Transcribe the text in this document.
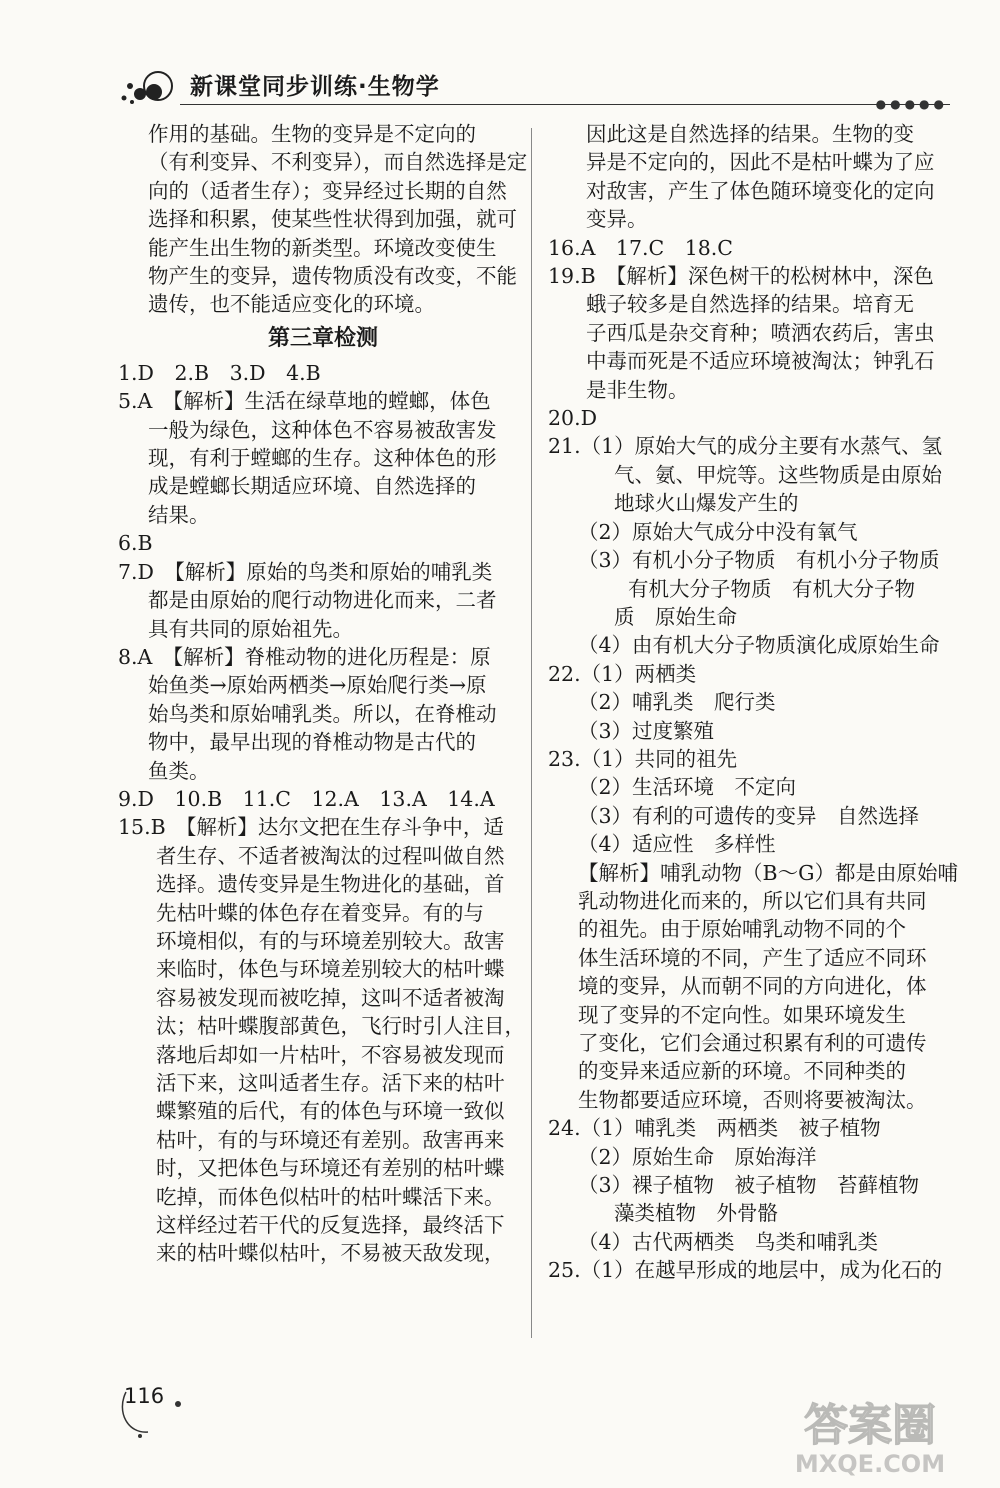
新课堂同步训练·生物学
●●●●●
作用的基础。生物的变异是不定向的
（有利变异、不利变异），而自然选择是定
向的（适者生存）；变异经过长期的自然
选择和积累，使某些性状得到加强，就可
能产生出生物的新类型。环境改变使生
物产生的变异，遗传物质没有改变，不能
遗传，也不能适应变化的环境。
第三章检测
1.D　2.B　3.D　4.B
5.A　【解析】生活在绿草地的螳螂，体色
一般为绿色，这种体色不容易被敌害发
现，有利于螳螂的生存。这种体色的形
成是螳螂长期适应环境、自然选择的
结果。
6.B
7.D　【解析】原始的鸟类和原始的哺乳类
都是由原始的爬行动物进化而来，二者
具有共同的原始祖先。
8.A　【解析】脊椎动物的进化历程是：原
始鱼类→原始两栖类→原始爬行类→原
始鸟类和原始哺乳类。所以，在脊椎动
物中，最早出现的脊椎动物是古代的
鱼类。
9.D　10.B　11.C　12.A　13.A　14.A
15.B　【解析】达尔文把在生存斗争中，适
者生存、不适者被淘汰的过程叫做自然
选择。遗传变异是生物进化的基础，首
先枯叶蝶的体色存在着变异。有的与
环境相似，有的与环境差别较大。敌害
来临时，体色与环境差别较大的枯叶蝶
容易被发现而被吃掉，这叫不适者被淘
汰；枯叶蝶腹部黄色，飞行时引人注目，
落地后却如一片枯叶，不容易被发现而
活下来，这叫适者生存。活下来的枯叶
蝶繁殖的后代，有的体色与环境一致似
枯叶，有的与环境还有差别。敌害再来
时，又把体色与环境还有差别的枯叶蝶
吃掉，而体色似枯叶的枯叶蝶活下来。
这样经过若干代的反复选择，最终活下
来的枯叶蝶似枯叶，不易被天敌发现，
因此这是自然选择的结果。生物的变
异是不定向的，因此不是枯叶蝶为了应
对敌害，产生了体色随环境变化的定向
变异。
16.A　17.C　18.C
19.B　【解析】深色树干的松树林中，深色
蛾子较多是自然选择的结果。培育无
子西瓜是杂交育种；喷洒农药后，害虫
中毒而死是不适应环境被淘汰；钟乳石
是非生物。
20.D
21.（1）原始大气的成分主要有水蒸气、氢
气、氨、甲烷等。这些物质是由原始
地球火山爆发产生的
（2）原始大气成分中没有氧气
（3）有机小分子物质　有机小分子物质
有机大分子物质　有机大分子物
质　原始生命
（4）由有机大分子物质演化成原始生命
22.（1）两栖类
（2）哺乳类　爬行类
（3）过度繁殖
23.（1）共同的祖先
（2）生活环境　不定向
（3）有利的可遗传的变异　自然选择
（4）适应性　多样性
【解析】哺乳动物（B～G）都是由原始哺
乳动物进化而来的，所以它们具有共同
的祖先。由于原始哺乳动物不同的个
体生活环境的不同，产生了适应不同环
境的变异，从而朝不同的方向进化，体
现了变异的不定向性。如果环境发生
了变化，它们会通过积累有利的可遗传
的变异来适应新的环境。不同种类的
生物都要适应环境，否则将要被淘汰。
24.（1）哺乳类　两栖类　被子植物
（2）原始生命　原始海洋
（3）裸子植物　被子植物　苔藓植物
藻类植物　外骨骼
（4）古代两栖类　鸟类和哺乳类
25.（1）在越早形成的地层中，成为化石的
116
答案圈
MXQE.COM
